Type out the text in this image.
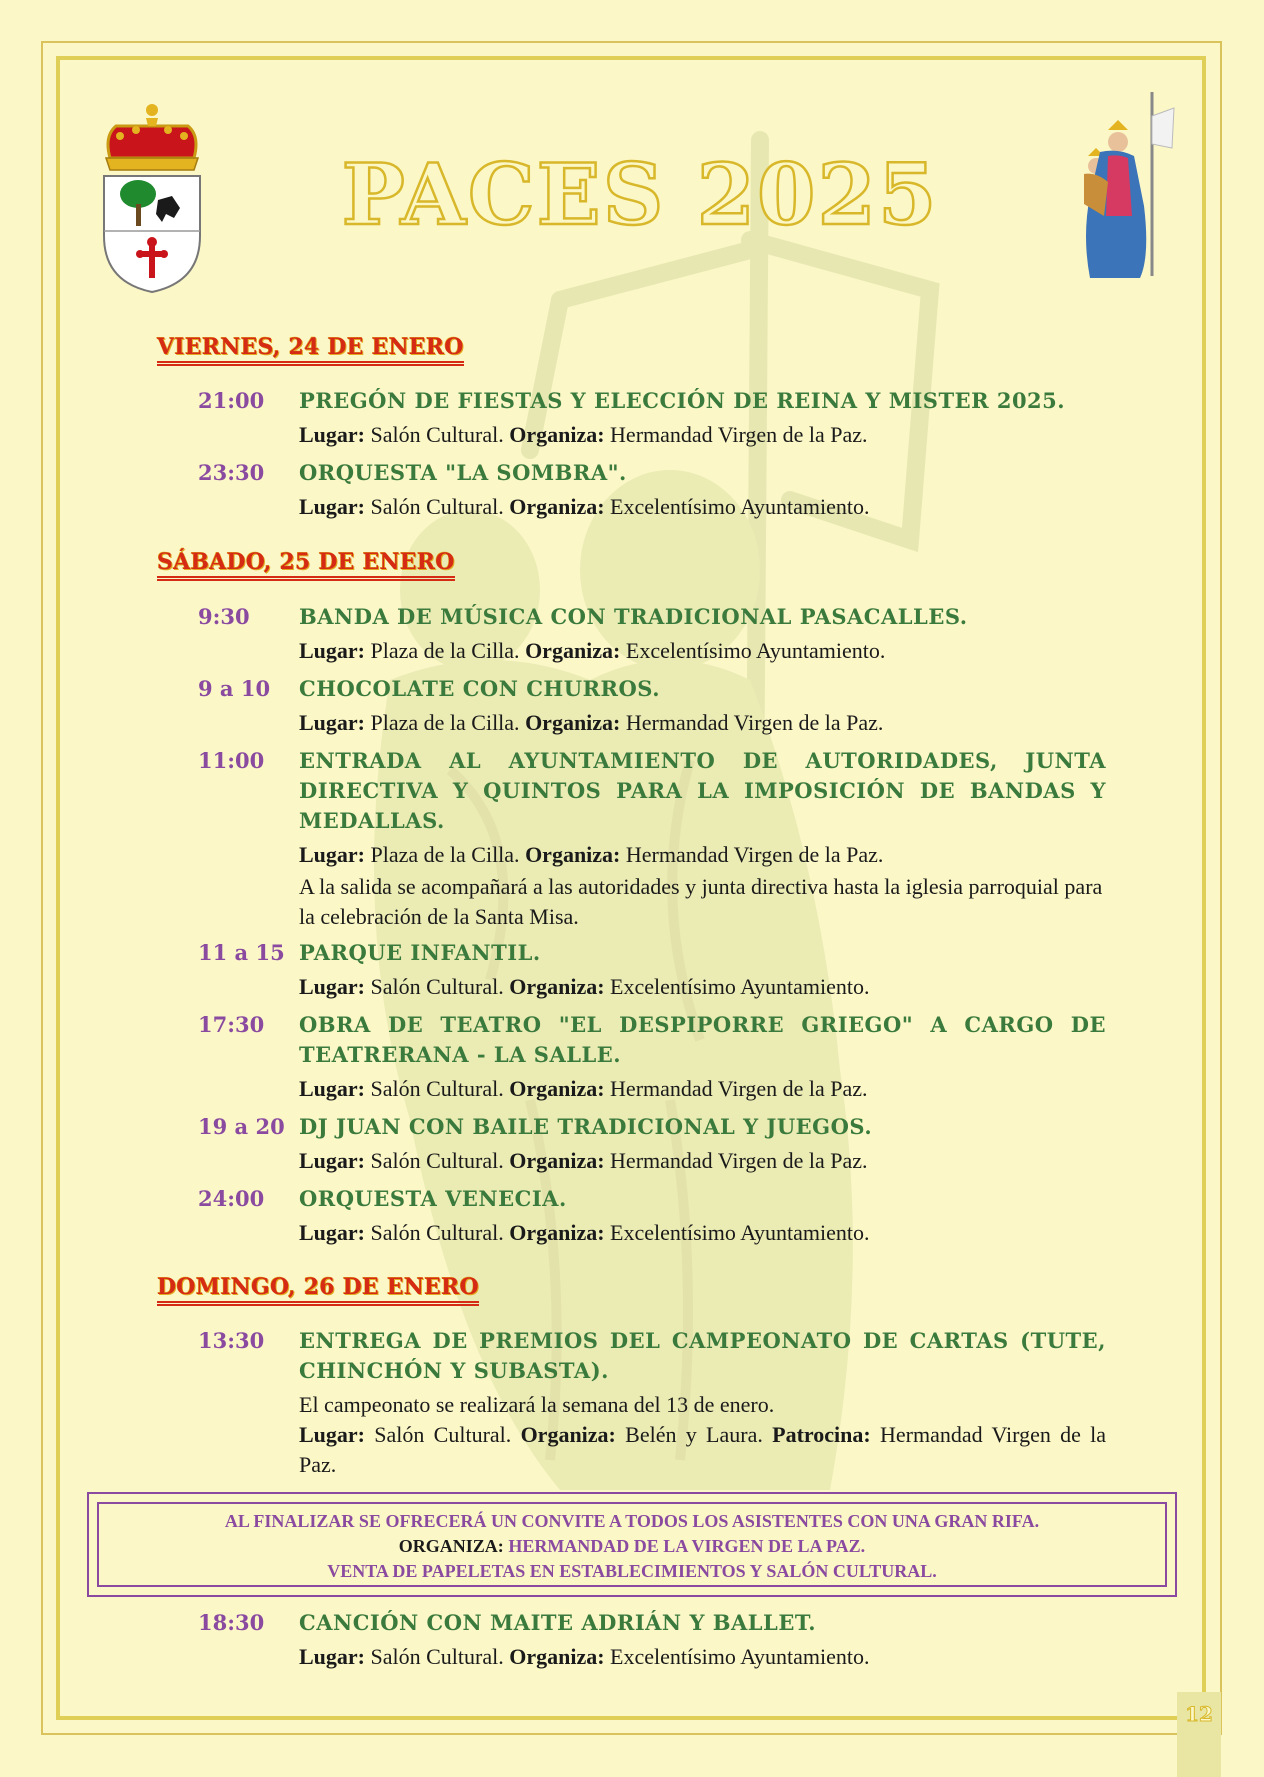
PACES 2025
VIERNES, 24 DE ENERO
21:00	PREGÓN DE FIESTAS Y ELECCIÓN DE REINA Y MISTER 2025.
Lugar: Salón Cultural. Organiza: Hermandad Virgen de la Paz.
23:30	ORQUESTA "LA SOMBRA".
Lugar: Salón Cultural. Organiza: Excelentísimo Ayuntamiento.
SÁBADO, 25 DE ENERO
9:30	BANDA DE MÚSICA CON TRADICIONAL PASACALLES.
Lugar: Plaza de la Cilla. Organiza: Excelentísimo Ayuntamiento.
9 a 10	CHOCOLATE CON CHURROS.
Lugar: Plaza de la Cilla. Organiza: Hermandad Virgen de la Paz.
11:00	ENTRADA AL AYUNTAMIENTO DE AUTORIDADES, JUNTA DIRECTIVA Y QUINTOS PARA LA IMPOSICIÓN DE BANDAS Y MEDALLAS.
Lugar: Plaza de la Cilla. Organiza: Hermandad Virgen de la Paz.
A la salida se acompañará a las autoridades y junta directiva hasta la iglesia parroquial para la celebración de la Santa Misa.
11 a 15 PARQUE INFANTIL.
Lugar: Salón Cultural. Organiza: Excelentísimo Ayuntamiento.
17:30	OBRA DE TEATRO "EL DESPIPORRE GRIEGO" A CARGO DE TEATRERANA - LA SALLE.
Lugar: Salón Cultural. Organiza: Hermandad Virgen de la Paz.
19 a 20 DJ JUAN CON BAILE TRADICIONAL Y JUEGOS.
Lugar: Salón Cultural. Organiza: Hermandad Virgen de la Paz.
24:00	ORQUESTA VENECIA.
Lugar: Salón Cultural. Organiza: Excelentísimo Ayuntamiento.
DOMINGO, 26 DE ENERO
13:30	ENTREGA DE PREMIOS DEL CAMPEONATO DE CARTAS (TUTE, CHINCHÓN Y SUBASTA).
El campeonato se realizará la semana del 13 de enero.
Lugar: Salón Cultural. Organiza: Belén y Laura. Patrocina: Hermandad Virgen de la Paz.
AL FINALIZAR SE OFRECERÁ UN CONVITE A TODOS LOS ASISTENTES CON UNA GRAN RIFA.
ORGANIZA: HERMANDAD DE LA VIRGEN DE LA PAZ.
VENTA DE PAPELETAS EN ESTABLECIMIENTOS Y SALÓN CULTURAL.
18:30	CANCIÓN CON MAITE ADRIÁN Y BALLET.
Lugar: Salón Cultural. Organiza: Excelentísimo Ayuntamiento.
12
